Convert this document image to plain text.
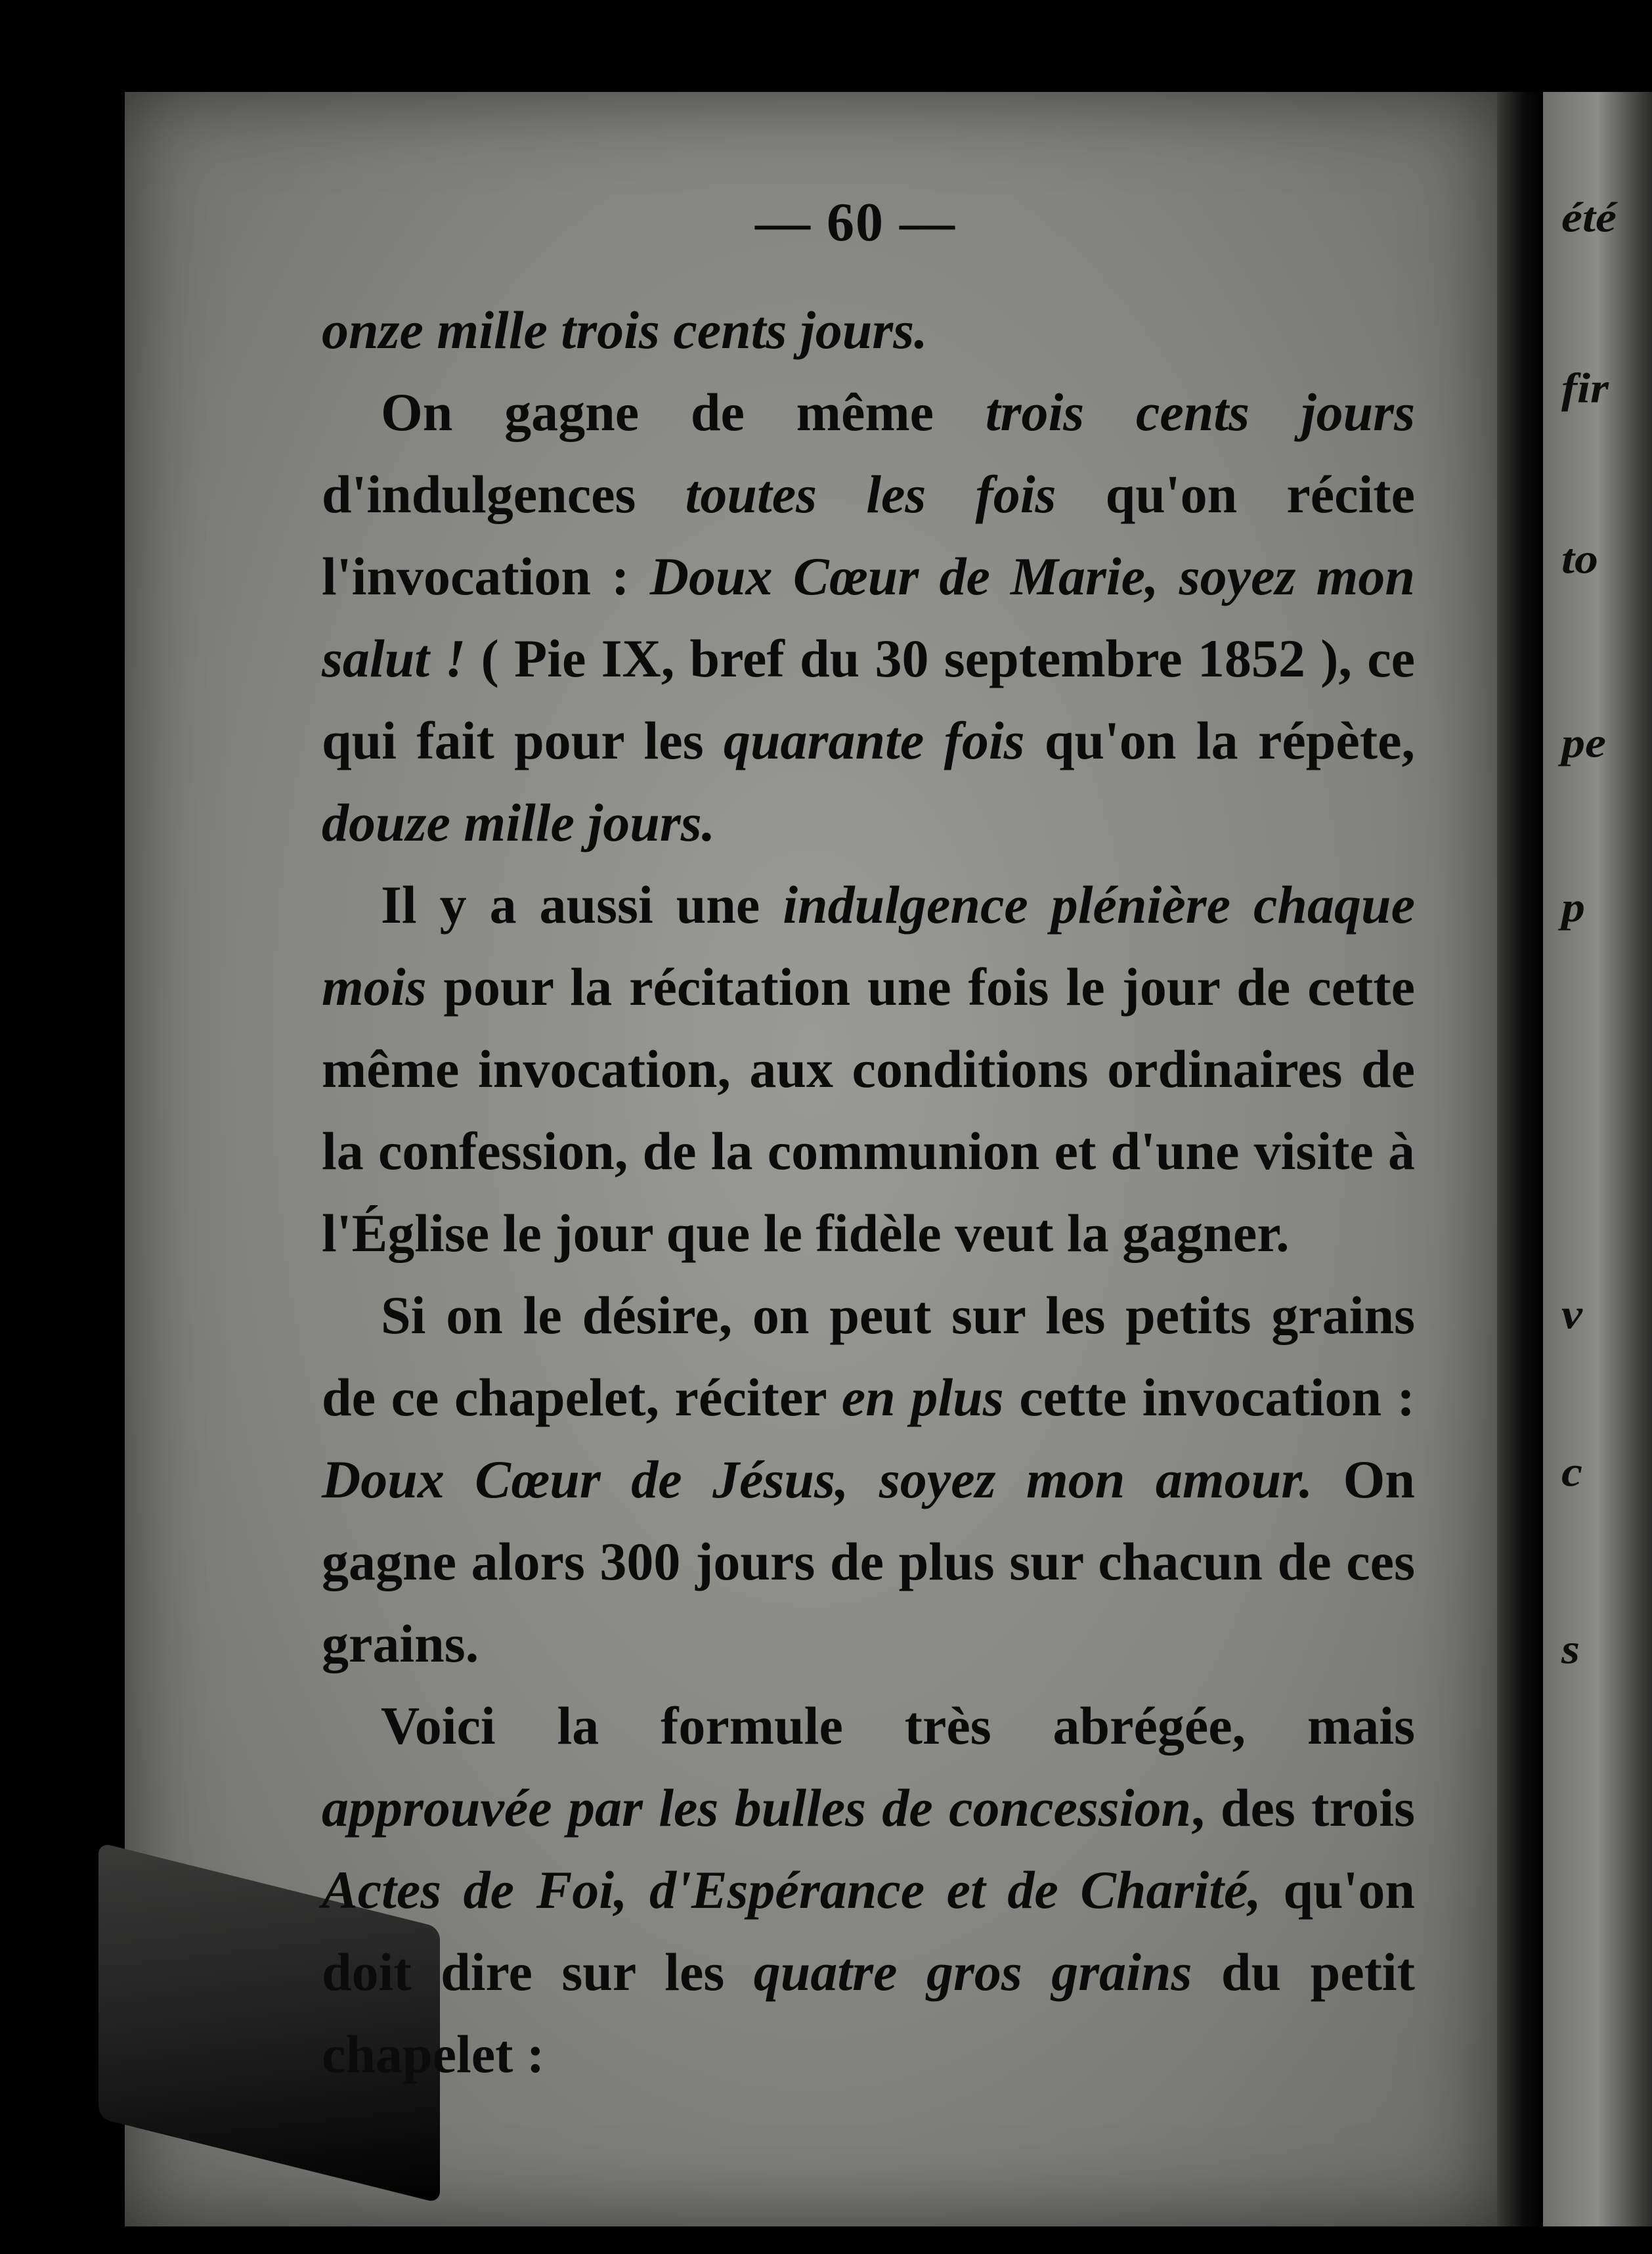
été
fir
to
pe
p
v
c
s
— 60 —

onze mille trois cents jours.

On gagne de même trois cents jours d'indulgences toutes les fois qu'on récite l'invocation : Doux Cœur de Marie, soyez mon salut ! ( Pie IX, bref du 30 septembre 1852 ), ce qui fait pour les quarante fois qu'on la répète, douze mille jours.

Il y a aussi une indulgence plénière chaque mois pour la récitation une fois le jour de cette même invocation, aux conditions ordinaires de la confession, de la communion et d'une visite à l'Église le jour que le fidèle veut la gagner.

Si on le désire, on peut sur les petits grains de ce chapelet, réciter en plus cette invocation : Doux Cœur de Jésus, soyez mon amour. On gagne alors 300 jours de plus sur chacun de ces grains.

Voici la formule très abrégée, mais approuvée par les bulles de concession, des trois Actes de Foi, d'Espérance et de Charité, qu'on doit dire sur les quatre gros grains du petit chapelet :
